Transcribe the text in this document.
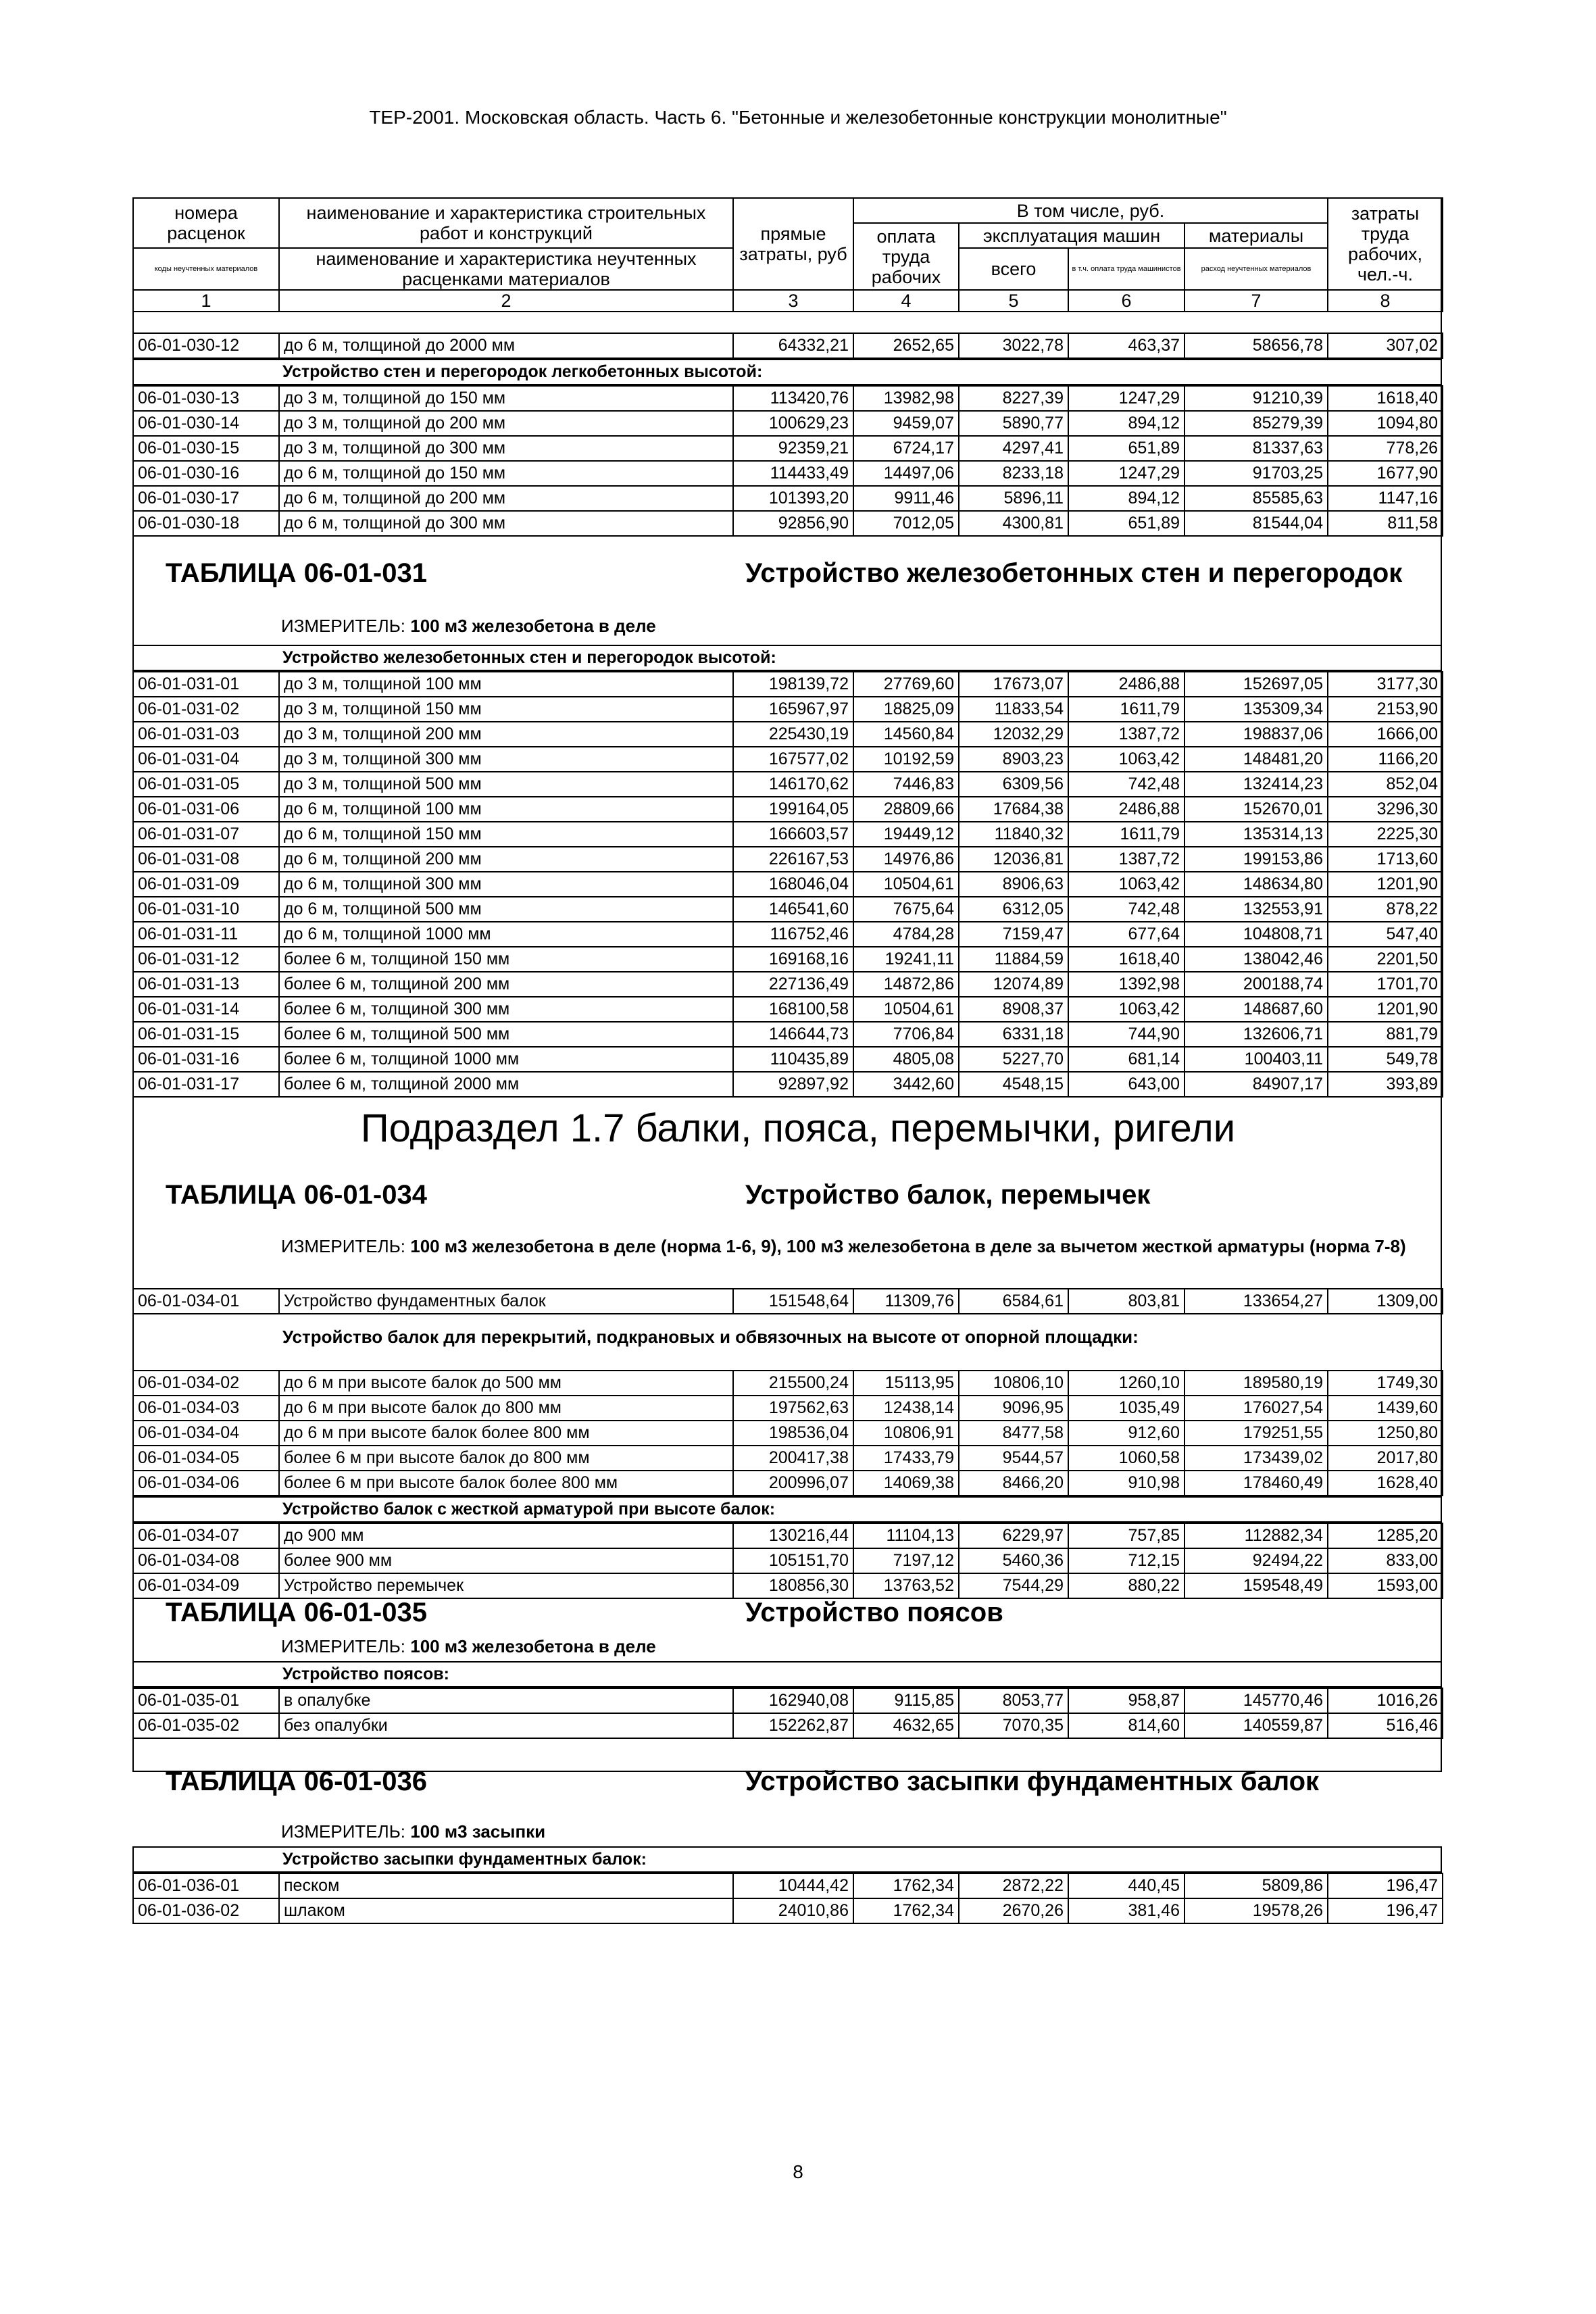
ТЕР-2001. Московская область. Часть 6. "Бетонные и железобетонные конструкции монолитные"
номера расценок	наименование и характеристика строительных работ и конструкций	прямые затраты, руб	В том числе, руб.				затраты труда рабочих, чел.-ч.
			оплата труда рабочих	эксплуатация машин		материалы	
коды неучтенных материалов	наименование и характеристика неучтенных расценками материалов			всего	в т.ч. оплата труда машинистов	расход неучтенных материалов	
1	2	3	4	5	6	7	8
06-01-030-12	до 6 м, толщиной до 2000 мм	64332,21	2652,65	3022,78	463,37	58656,78	307,02
Устройство стен и перегородок легкобетонных высотой:
06-01-030-13	до 3 м, толщиной до 150 мм	113420,76	13982,98	8227,39	1247,29	91210,39	1618,40
06-01-030-14	до 3 м, толщиной до 200 мм	100629,23	9459,07	5890,77	894,12	85279,39	1094,80
06-01-030-15	до 3 м, толщиной до 300 мм	92359,21	6724,17	4297,41	651,89	81337,63	778,26
06-01-030-16	до 6 м, толщиной до 150 мм	114433,49	14497,06	8233,18	1247,29	91703,25	1677,90
06-01-030-17	до 6 м, толщиной до 200 мм	101393,20	9911,46	5896,11	894,12	85585,63	1147,16
06-01-030-18	до 6 м, толщиной до 300 мм	92856,90	7012,05	4300,81	651,89	81544,04	811,58
ТАБЛИЦА 06-01-031	Устройство железобетонных стен и перегородок
ИЗМЕРИТЕЛЬ: 100 м3 железобетона в деле
Устройство железобетонных стен и перегородок высотой:
06-01-031-01	до 3 м, толщиной 100 мм	198139,72	27769,60	17673,07	2486,88	152697,05	3177,30
06-01-031-02	до 3 м, толщиной 150 мм	165967,97	18825,09	11833,54	1611,79	135309,34	2153,90
06-01-031-03	до 3 м, толщиной 200 мм	225430,19	14560,84	12032,29	1387,72	198837,06	1666,00
06-01-031-04	до 3 м, толщиной 300 мм	167577,02	10192,59	8903,23	1063,42	148481,20	1166,20
06-01-031-05	до 3 м, толщиной 500 мм	146170,62	7446,83	6309,56	742,48	132414,23	852,04
06-01-031-06	до 6 м, толщиной 100 мм	199164,05	28809,66	17684,38	2486,88	152670,01	3296,30
06-01-031-07	до 6 м, толщиной 150 мм	166603,57	19449,12	11840,32	1611,79	135314,13	2225,30
06-01-031-08	до 6 м, толщиной 200 мм	226167,53	14976,86	12036,81	1387,72	199153,86	1713,60
06-01-031-09	до 6 м, толщиной 300 мм	168046,04	10504,61	8906,63	1063,42	148634,80	1201,90
06-01-031-10	до 6 м, толщиной 500 мм	146541,60	7675,64	6312,05	742,48	132553,91	878,22
06-01-031-11	до 6 м, толщиной 1000 мм	116752,46	4784,28	7159,47	677,64	104808,71	547,40
06-01-031-12	более 6 м, толщиной 150 мм	169168,16	19241,11	11884,59	1618,40	138042,46	2201,50
06-01-031-13	более 6 м, толщиной 200 мм	227136,49	14872,86	12074,89	1392,98	200188,74	1701,70
06-01-031-14	более 6 м, толщиной 300 мм	168100,58	10504,61	8908,37	1063,42	148687,60	1201,90
06-01-031-15	более 6 м, толщиной 500 мм	146644,73	7706,84	6331,18	744,90	132606,71	881,79
06-01-031-16	более 6 м, толщиной 1000 мм	110435,89	4805,08	5227,70	681,14	100403,11	549,78
06-01-031-17	более 6 м, толщиной 2000 мм	92897,92	3442,60	4548,15	643,00	84907,17	393,89
Подраздел 1.7 балки, пояса, перемычки, ригели
ТАБЛИЦА 06-01-034	Устройство балок, перемычек
ИЗМЕРИТЕЛЬ: 100 м3 железобетона в деле (норма 1-6, 9), 100 м3 железобетона в деле за вычетом жесткой арматуры (норма 7-8)
06-01-034-01	Устройство фундаментных балок	151548,64	11309,76	6584,61	803,81	133654,27	1309,00
Устройство балок для перекрытий, подкрановых и обвязочных на высоте от опорной площадки:
06-01-034-02	до 6 м при высоте балок до 500 мм	215500,24	15113,95	10806,10	1260,10	189580,19	1749,30
06-01-034-03	до 6 м при высоте балок до 800 мм	197562,63	12438,14	9096,95	1035,49	176027,54	1439,60
06-01-034-04	до 6 м при высоте балок более 800 мм	198536,04	10806,91	8477,58	912,60	179251,55	1250,80
06-01-034-05	более 6 м при высоте балок до 800 мм	200417,38	17433,79	9544,57	1060,58	173439,02	2017,80
06-01-034-06	более 6 м при высоте балок более 800 мм	200996,07	14069,38	8466,20	910,98	178460,49	1628,40
Устройство балок с жесткой арматурой при высоте балок:
06-01-034-07	до 900 мм	130216,44	11104,13	6229,97	757,85	112882,34	1285,20
06-01-034-08	более 900 мм	105151,70	7197,12	5460,36	712,15	92494,22	833,00
06-01-034-09	Устройство перемычек	180856,30	13763,52	7544,29	880,22	159548,49	1593,00
ТАБЛИЦА 06-01-035	Устройство поясов
ИЗМЕРИТЕЛЬ: 100 м3 железобетона в деле
Устройство поясов:
06-01-035-01	в опалубке	162940,08	9115,85	8053,77	958,87	145770,46	1016,26
06-01-035-02	без опалубки	152262,87	4632,65	7070,35	814,60	140559,87	516,46
ТАБЛИЦА 06-01-036	Устройство засыпки фундаментных балок
ИЗМЕРИТЕЛЬ: 100 м3 засыпки
Устройство засыпки фундаментных балок:
06-01-036-01	песком	10444,42	1762,34	2872,22	440,45	5809,86	196,47
06-01-036-02	шлаком	24010,86	1762,34	2670,26	381,46	19578,26	196,47
8
